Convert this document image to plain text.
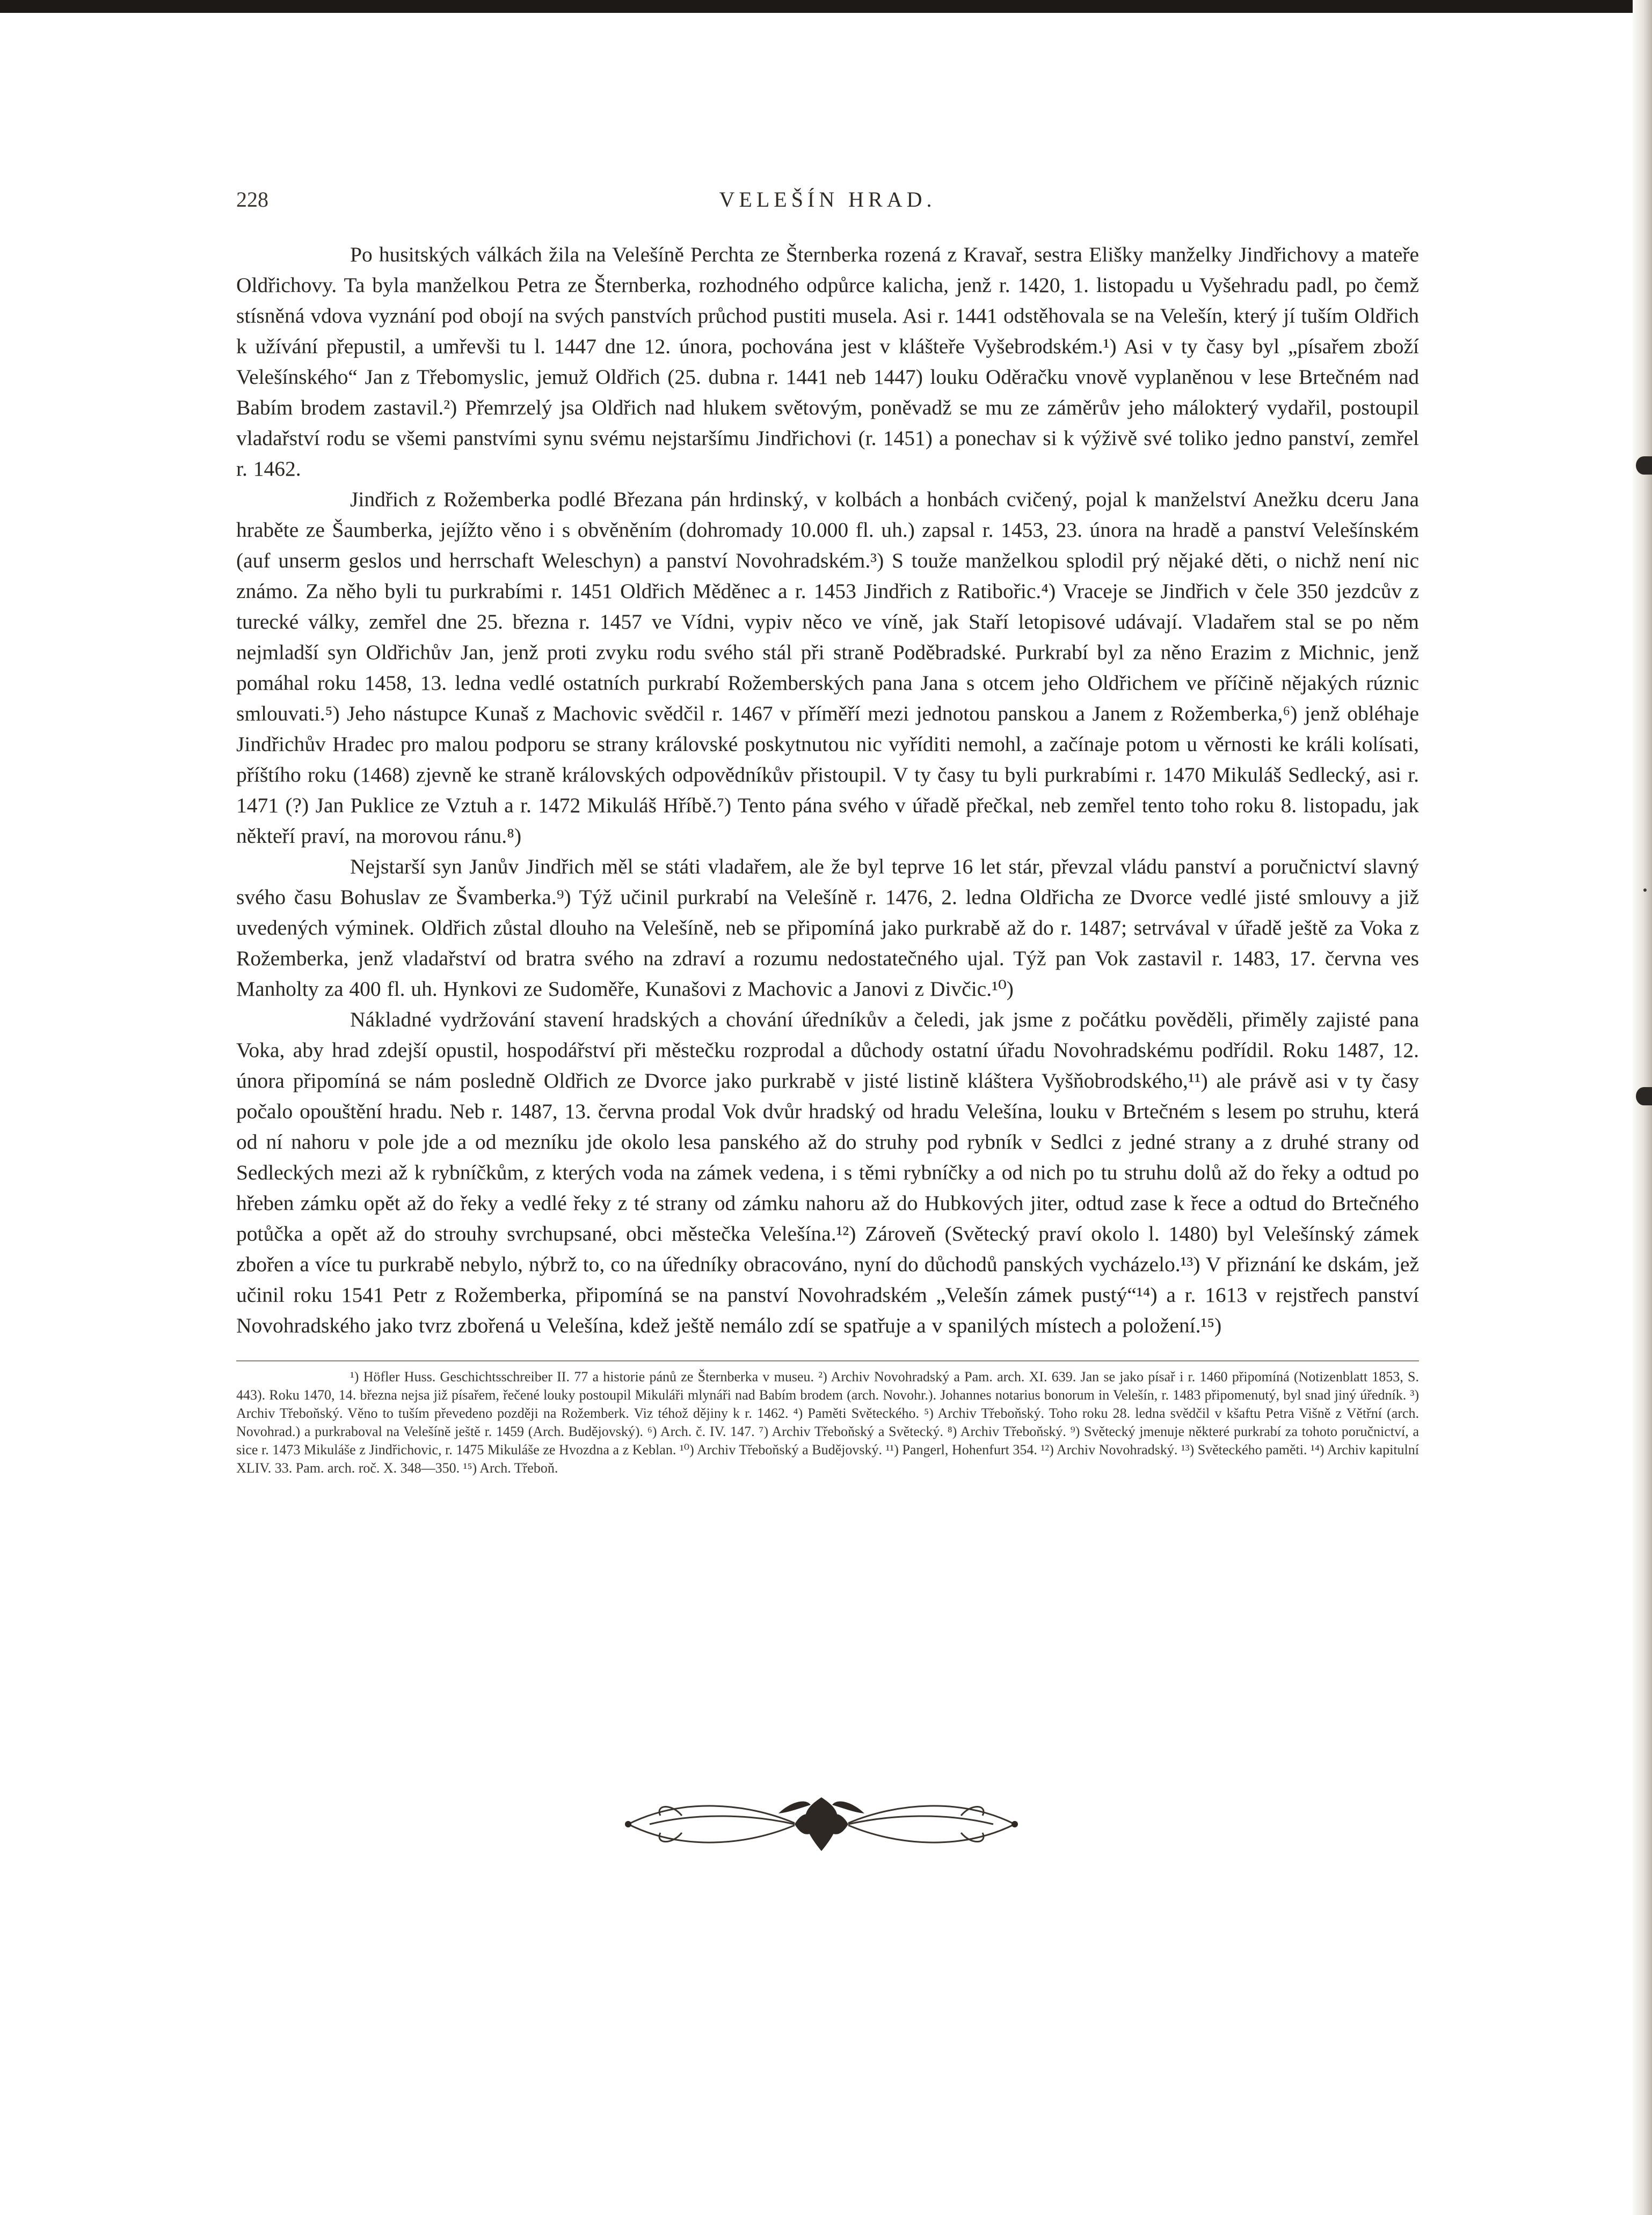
228	VELEŠÍN HRAD.

Po husitských válkách žila na Velešíně Perchta ze Šternberka rozená z Kravař, sestra Elišky manželky Jindřichovy a mateře Oldřichovy. Ta byla manželkou Petra ze Šternberka, rozhodného odpůrce kalicha, jenž r. 1420, 1. listopadu u Vyšehradu padl, po čemž stísněná vdova vyznání pod obojí na svých panstvích průchod pustiti musela. Asi r. 1441 odstěhovala se na Velešín, který jí tuším Oldřich k užívání přepustil, a umřevši tu l. 1447 dne 12. února, pochována jest v klášteře Vyšebrodském.¹) Asi v ty časy byl „písařem zboží Velešínského“ Jan z Třebomyslic, jemuž Oldřich (25. dubna r. 1441 neb 1447) louku Oděračku vnově vyplaněnou v lese Brtečném nad Babím brodem zastavil.²) Přemrzelý jsa Oldřich nad hlukem světovým, poněvadž se mu ze záměrův jeho málokterý vydařil, postoupil vladařství rodu se všemi panstvími synu svému nejstaršímu Jindřichovi (r. 1451) a ponechav si k výživě své toliko jedno panství, zemřel r. 1462.

Jindřich z Rožemberka podlé Březana pán hrdinský, v kolbách a honbách cvičený, pojal k manželství Anežku dceru Jana hraběte ze Šaumberka, jejížto věno i s obvěněním (dohromady 10.000 fl. uh.) zapsal r. 1453, 23. února na hradě a panství Velešínském (auf unserm geslos und herrschaft Weleschyn) a panství Novohradském.³) S touže manželkou splodil prý nějaké děti, o nichž není nic známo. Za něho byli tu purkrabími r. 1451 Oldřich Měděnec a r. 1453 Jindřich z Ratibořic.⁴) Vraceje se Jindřich v čele 350 jezdcův z turecké války, zemřel dne 25. března r. 1457 ve Vídni, vypiv něco ve víně, jak Staří letopisové udávají. Vladařem stal se po něm nejmladší syn Oldřichův Jan, jenž proti zvyku rodu svého stál při straně Poděbradské. Purkrabí byl za něno Erazim z Michnic, jenž pomáhal roku 1458, 13. ledna vedlé ostatních purkrabí Rožemberských pana Jana s otcem jeho Oldřichem ve příčině nějakých rúznic smlouvati.⁵) Jeho nástupce Kunaš z Machovic svědčil r. 1467 v příměří mezi jednotou panskou a Janem z Rožemberka,⁶) jenž obléhaje Jindřichův Hradec pro malou podporu se strany královské poskytnutou nic vyříditi nemohl, a začínaje potom u věrnosti ke králi kolísati, příštího roku (1468) zjevně ke straně královských odpovědníkův přistoupil. V ty časy tu byli purkrabími r. 1470 Mikuláš Sedlecký, asi r. 1471 (?) Jan Puklice ze Vztuh a r. 1472 Mikuláš Hříbě.⁷) Tento pána svého v úřadě přečkal, neb zemřel tento toho roku 8. listopadu, jak někteří praví, na morovou ránu.⁸)

Nejstarší syn Janův Jindřich měl se státi vladařem, ale že byl teprve 16 let stár, převzal vládu panství a poručnictví slavný svého času Bohuslav ze Švamberka.⁹) Týž učinil purkrabí na Velešíně r. 1476, 2. ledna Oldřicha ze Dvorce vedlé jisté smlouvy a již uvedených výminek. Oldřich zůstal dlouho na Velešíně, neb se připomíná jako purkrabě až do r. 1487; setrvával v úřadě ještě za Voka z Rožemberka, jenž vladařství od bratra svého na zdraví a rozumu nedostatečného ujal. Týž pan Vok zastavil r. 1483, 17. června ves Manholty za 400 fl. uh. Hynkovi ze Sudoměře, Kunašovi z Machovic a Janovi z Divčic.¹⁰)

Nákladné vydržování stavení hradských a chování úředníkův a čeledi, jak jsme z počátku pověděli, přiměly zajisté pana Voka, aby hrad zdejší opustil, hospodářství při městečku rozprodal a důchody ostatní úřadu Novohradskému podřídil. Roku 1487, 12. února připomíná se nám posledně Oldřich ze Dvorce jako purkrabě v jisté listině kláštera Vyšňobrodského,¹¹) ale právě asi v ty časy počalo opouštění hradu. Neb r. 1487, 13. června prodal Vok dvůr hradský od hradu Velešína, louku v Brtečném s lesem po struhu, která od ní nahoru v pole jde a od mezníku jde okolo lesa panského až do struhy pod rybník v Sedlci z jedné strany a z druhé strany od Sedleckých mezi až k rybníčkům, z kterých voda na zámek vedena, i s těmi rybníčky a od nich po tu struhu dolů až do řeky a odtud po hřeben zámku opět až do řeky a vedlé řeky z té strany od zámku nahoru až do Hubkových jiter, odtud zase k řece a odtud do Brtečného potůčka a opět až do strouhy svrchupsané, obci městečka Velešína.¹²) Zároveň (Světecký praví okolo l. 1480) byl Velešínský zámek zbořen a více tu purkrabě nebylo, nýbrž to, co na úředníky obracováno, nyní do důchodů panských vycházelo.¹³) V přiznání ke dskám, jež učinil roku 1541 Petr z Rožemberka, připomíná se na panství Novohradském „Velešín zámek pustý“¹⁴) a r. 1613 v rejstřech panství Novohradského jako tvrz zbořená u Velešína, kdež ještě nemálo zdí se spatřuje a v spanilých místech a položení.¹⁵)

¹) Höfler Huss. Geschichtsschreiber II. 77 a historie pánů ze Šternberka v museu. ²) Archiv Novohradský a Pam. arch. XI. 639. Jan se jako písař i r. 1460 připomíná (Notizenblatt 1853, S. 443). Roku 1470, 14. března nejsa již písařem, řečené louky postoupil Mikuláři mlynáři nad Babím brodem (arch. Novohr.). Johannes notarius bonorum in Velešín, r. 1483 připomenutý, byl snad jiný úředník. ³) Archiv Třeboňský. Věno to tuším převedeno později na Rožemberk. Viz téhož dějiny k r. 1462. ⁴) Paměti Světeckého. ⁵) Archiv Třeboňský. Toho roku 28. ledna svědčil v kšaftu Petra Višně z Větřní (arch. Novohrad.) a purkraboval na Velešíně ještě r. 1459 (Arch. Budějovský). ⁶) Arch. č. IV. 147. ⁷) Archiv Třeboňský a Světecký. ⁸) Archiv Třeboňský. ⁹) Světecký jmenuje některé purkrabí za tohoto poručnictví, a sice r. 1473 Mikuláše z Jindřichovic, r. 1475 Mikuláše ze Hvozdna a z Keblan. ¹⁰) Archiv Třeboňský a Budějovský. ¹¹) Pangerl, Hohenfurt 354. ¹²) Archiv Novohradský. ¹³) Světeckého paměti. ¹⁴) Archiv kapitulní XLIV. 33. Pam. arch. roč. X. 348—350. ¹⁵) Arch. Třeboň.
